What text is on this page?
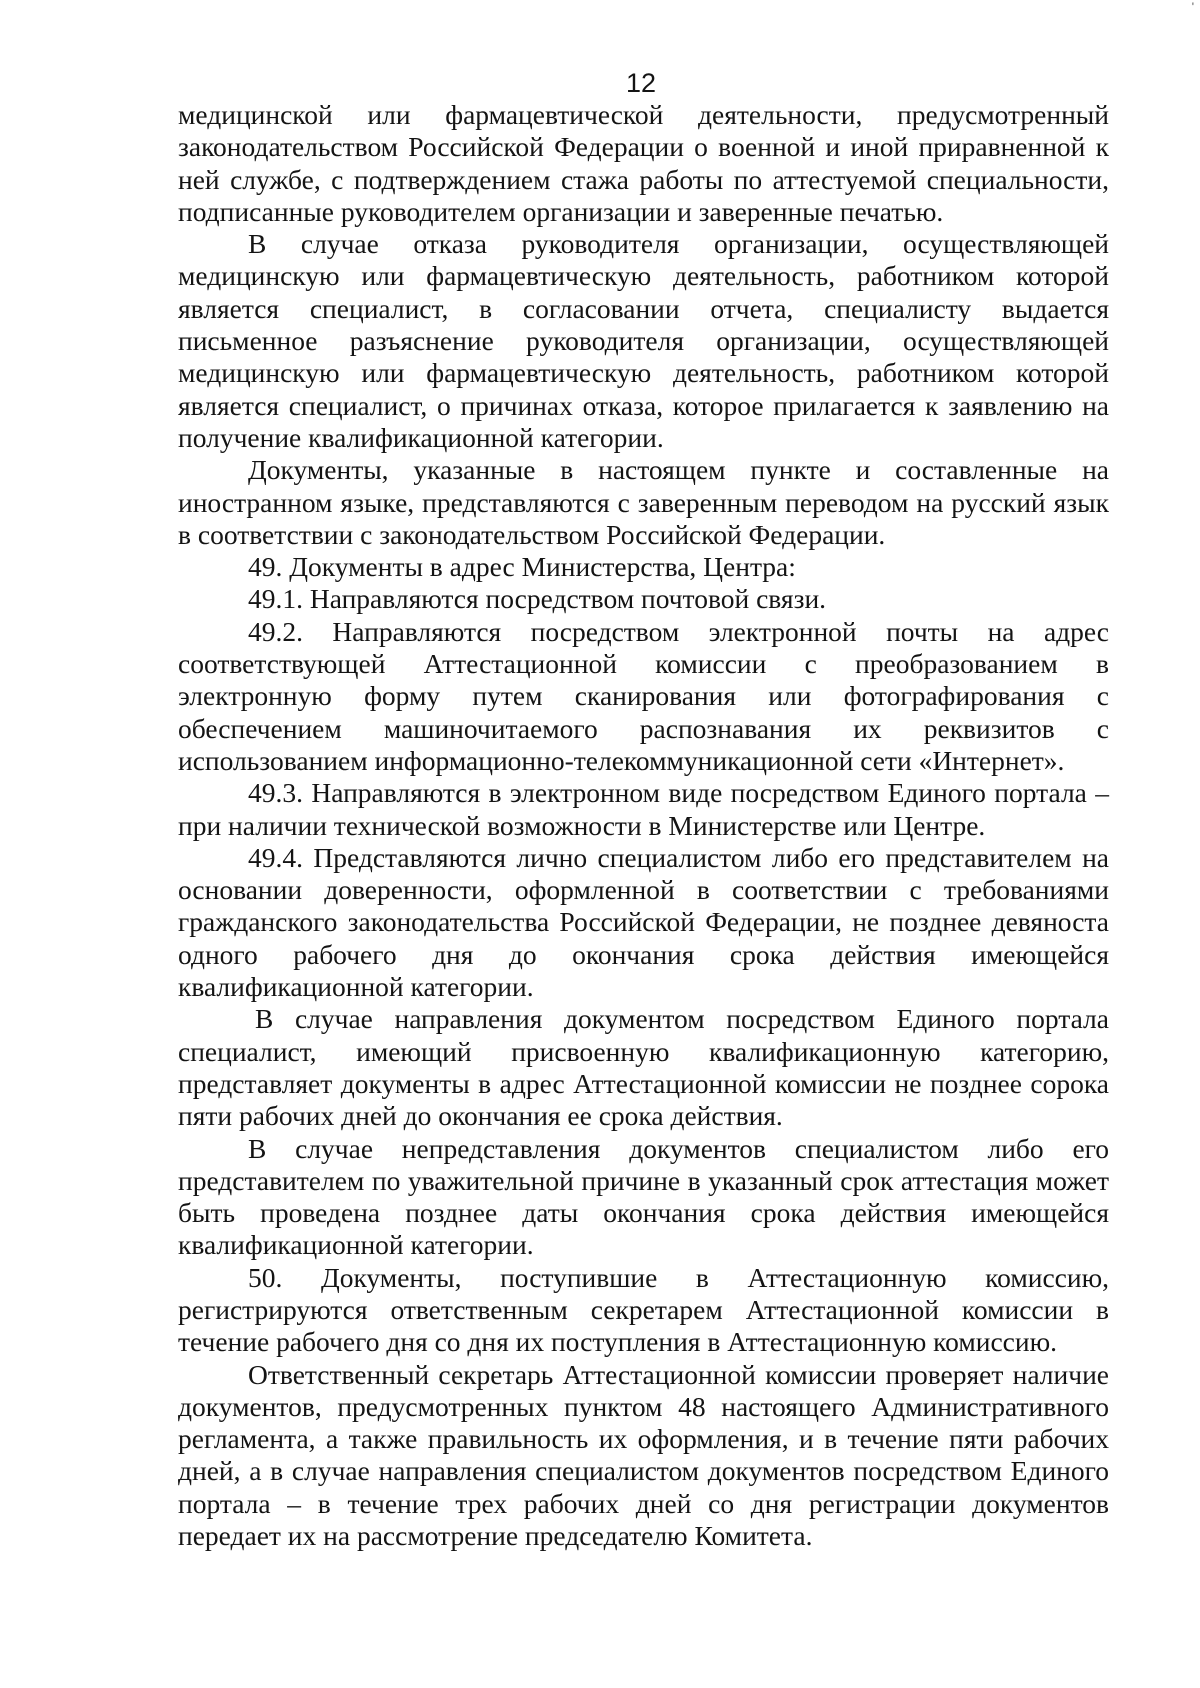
'
12

медицинской или фармацевтической деятельности, предусмотренный законодательством Российской Федерации о военной и иной приравненной к ней службе, с подтверждением стажа работы по аттестуемой специальности, подписанные руководителем организации и заверенные печатью.

В случае отказа руководителя организации, осуществляющей медицинскую или фармацевтическую деятельность, работником которой является специалист, в согласовании отчета, специалисту выдается письменное разъяснение руководителя организации, осуществляющей медицинскую или фармацевтическую деятельность, работником которой является специалист, о причинах отказа, которое прилагается к заявлению на получение квалификационной категории.

Документы, указанные в настоящем пункте и составленные на иностранном языке, представляются с заверенным переводом на русский язык в соответствии с законодательством Российской Федерации.

49. Документы в адрес Министерства, Центра:

49.1. Направляются посредством почтовой связи.

49.2. Направляются посредством электронной почты на адрес соответствующей Аттестационной комиссии с преобразованием в электронную форму путем сканирования или фотографирования с обеспечением машиночитаемого распознавания их реквизитов с использованием информационно-телекоммуникационной сети «Интернет».

49.3. Направляются в электронном виде посредством Единого портала – при наличии технической возможности в Министерстве или Центре.

49.4. Представляются лично специалистом либо его представителем на основании доверенности, оформленной в соответствии с требованиями гражданского законодательства Российской Федерации, не позднее девяноста одного рабочего дня до окончания срока действия имеющейся квалификационной категории.

В случае направления документом посредством Единого портала специалист, имеющий присвоенную квалификационную категорию, представляет документы в адрес Аттестационной комиссии не позднее сорока пяти рабочих дней до окончания ее срока действия.

В случае непредставления документов специалистом либо его представителем по уважительной причине в указанный срок аттестация может быть проведена позднее даты окончания срока действия имеющейся квалификационной категории.

50. Документы, поступившие в Аттестационную комиссию, регистрируются ответственным секретарем Аттестационной комиссии в течение рабочего дня со дня их поступления в Аттестационную комиссию.

Ответственный секретарь Аттестационной комиссии проверяет наличие документов, предусмотренных пунктом 48 настоящего Административного регламента, а также правильность их оформления, и в течение пяти рабочих дней, а в случае направления специалистом документов посредством Единого портала – в течение трех рабочих дней со дня регистрации документов передает их на рассмотрение председателю Комитета.
